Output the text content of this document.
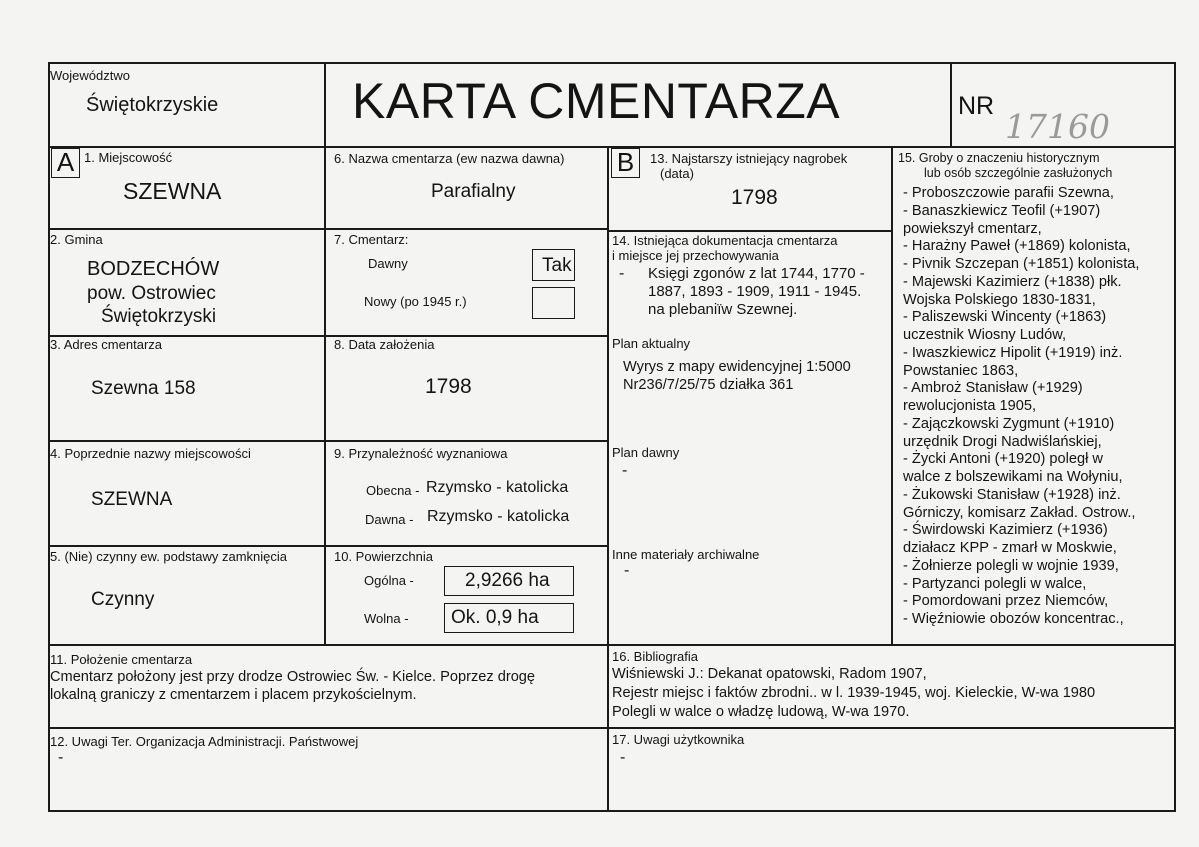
Województwo
Świętokrzyskie	KARTA CMENTARZA	NR
17160
A 1. Miejscowość
SZEWNA
2. Gmina
BODZECHÓW
pow. Ostrowiec
Świętokrzyski
3. Adres cmentarza
Szewna 158
4. Poprzednie nazwy miejscowości
SZEWNA
5. (Nie) czynny ew. podstawy zamknięcia
Czynny
6. Nazwa cmentarza (ew nazwa dawna)
Parafialny
7. Cmentarz:
Dawny	Tak
Nowy (po 1945 r.)
8. Data założenia
1798
9. Przynależność wyznaniowa
Obecna - Rzymsko - katolicka
Dawna - Rzymsko - katolicka
10. Powierzchnia
Ogólna -	2,9266 ha
Wolna - Ok. 0,9 ha
B	13. Najstarszy istniejący nagrobek
(data)
1798
14. Istniejąca dokumentacja cmentarza
i miejsce jej przechowywania
- Księgi zgonów z lat 1744, 1770 -
1887, 1893 - 1909, 1911 - 1945.
na plebaniïw Szewnej.
Plan aktualny
Wyrys z mapy ewidencyjnej 1:5000
Nr236/7/25/75 działka 361
Plan dawny
-
Inne materiały archiwalne
-
15. Groby o znaczeniu historycznym
lub osób szczególnie zasłużonych
- Proboszczowie parafii Szewna,
- Banaszkiewicz Teofil (+1907)
powiekszył cmentarz,
- Harażny Paweł (+1869) kolonista,
- Pivnik Szczepan (+1851) kolonista,
- Majewski Kazimierz (+1838) płk.
Wojska Polskiego 1830-1831,
- Paliszewski Wincenty (+1863)
uczestnik Wiosny Ludów,
- Iwaszkiewicz Hipolit (+1919) inż.
Powstaniec 1863,
- Ambroż Stanisław (+1929)
rewolucjonista 1905,
- Zajączkowski Zygmunt (+1910)
urzędnik Drogi Nadwiślańskiej,
- Życki Antoni (+1920) poległ w
walce z bolszewikami na Wołyniu,
- Żukowski Stanisław (+1928) inż.
Górniczy, komisarz Zakład. Ostrow.,
- Świrdowski Kazimierz (+1936)
działacz KPP - zmarł w Moskwie,
- Żołnierze polegli w wojnie 1939,
- Partyzanci polegli w walce,
- Pomordowani przez Niemców,
- Więźniowie obozów koncentrac.,
11. Położenie cmentarza
Cmentarz położony jest przy drodze Ostrowiec Św. - Kielce. Poprzez drogę
lokalną graniczy z cmentarzem i placem przykościelnym.
16. Bibliografia
Wiśniewski J.: Dekanat opatowski, Radom 1907,
Rejestr miejsc i faktów zbrodni.. w l. 1939-1945, woj. Kieleckie, W-wa 1980
Polegli w walce o władzę ludową, W-wa 1970.
12. Uwagi Ter. Organizacja Administracji. Państwowej
-
17. Uwagi użytkownika
-
